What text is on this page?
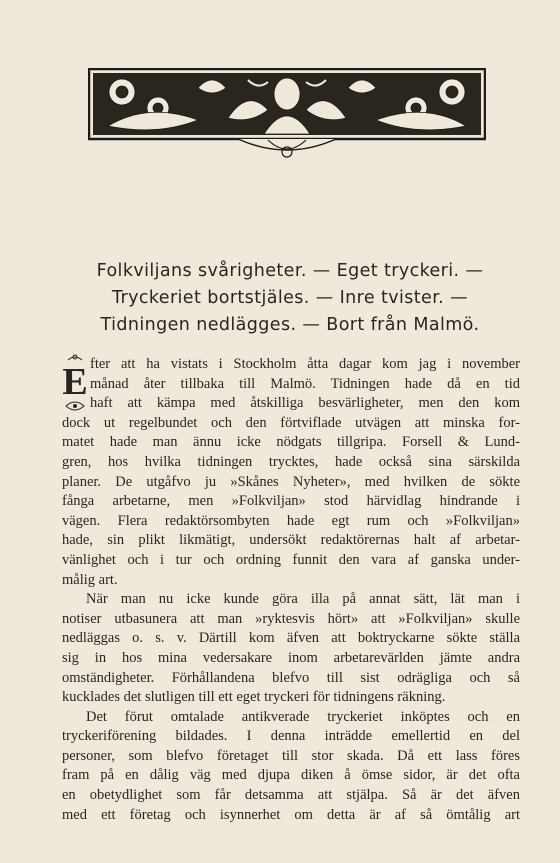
Folkviljans svårigheter. — Eget tryckeri. —
Tryckeriet bortstjäles. — Inre tvister. —
Tidningen nedlägges. — Bort från Malmö.
E fter att ha vistats i Stockholm åtta dagar kom jag i november
månad åter tillbaka till Malmö. Tidningen hade då en tid
haft att kämpa med åtskilliga besvärligheter, men den kom
dock ut regelbundet och den förtviflade utvägen att minska for-
matet hade man ännu icke nödgats tillgripa. Forsell & Lund-
gren, hos hvilka tidningen trycktes, hade också sina särskilda
planer. De utgåfvo ju »Skånes Nyheter», med hvilken de sökte
fånga arbetarne, men »Folkviljan» stod härvidlag hindrande i
vägen. Flera redaktörsombyten hade egt rum och »Folkviljan»
hade, sin plikt likmätigt, undersökt redaktörernas halt af arbetar-
vänlighet och i tur och ordning funnit den vara af ganska under-
målig art.
När man nu icke kunde göra illa på annat sätt, lät man i
notiser utbasunera att man »ryktesvis hört» att »Folkviljan» skulle
nedläggas o. s. v. Därtill kom äfven att boktryckarne sökte ställa
sig in hos mina vedersakare inom arbetarevärlden jämte andra
omständigheter. Förhållandena blefvo till sist odrägliga och så
kucklades det slutligen till ett eget tryckeri för tidningens räkning.
Det förut omtalade antikverade tryckeriet inköptes och en
tryckeriförening bildades. I denna inträdde emellertid en del
personer, som blefvo företaget till stor skada. Då ett lass föres
fram på en dålig väg med djupa diken å ömse sidor, är det ofta
en obetydlighet som får detsamma att stjälpa. Så är det äfven
med ett företag och isynnerhet om detta är af så ömtålig art
